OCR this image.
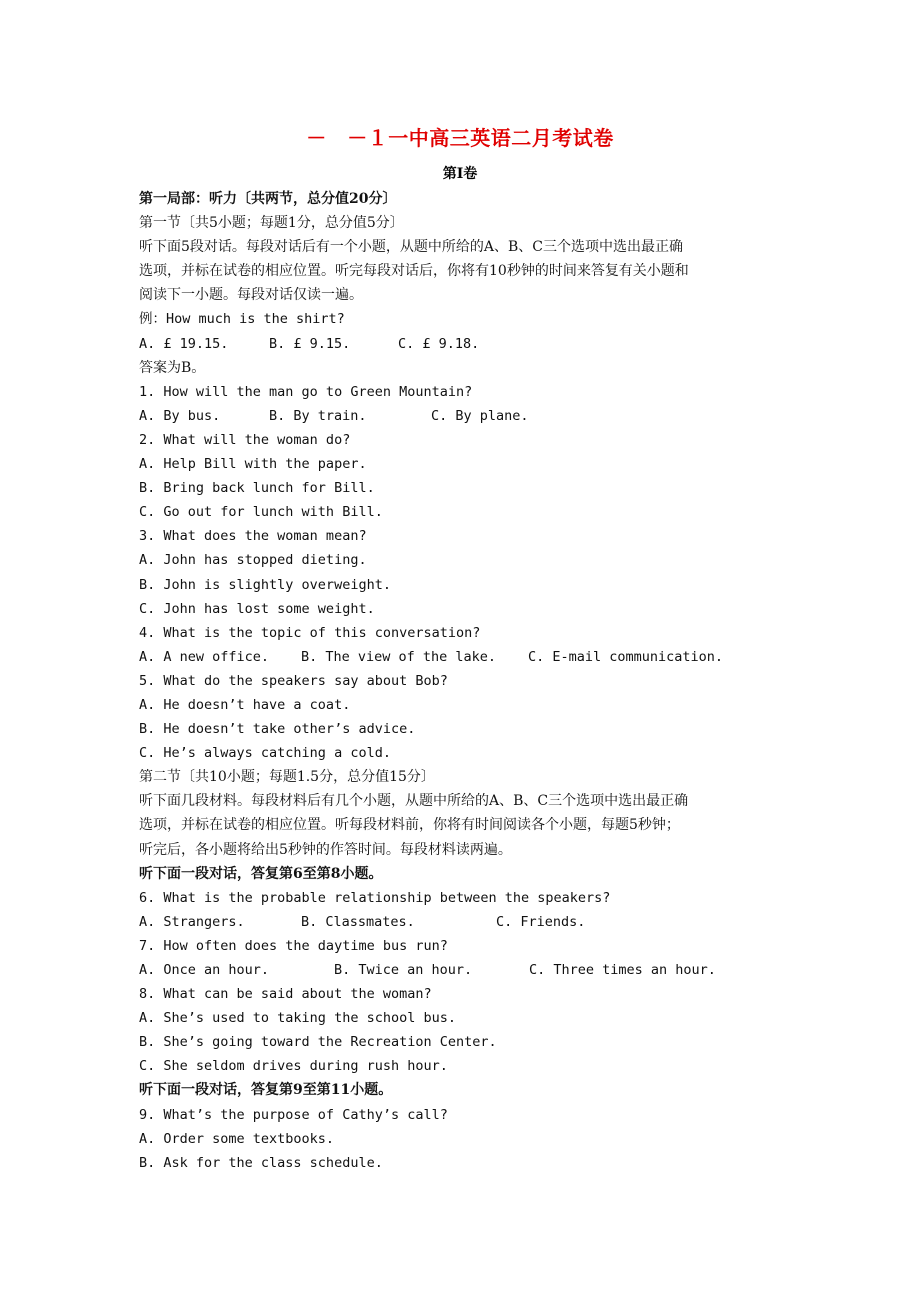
－　－１一中高三英语二月考试卷
第Ⅰ卷
第一局部：听力〔共两节，总分值20分〕
第一节〔共5小题；每题1分，总分值5分〕
听下面5段对话。每段对话后有一个小题，从题中所给的A、B、C三个选项中选出最正确
选项，并标在试卷的相应位置。听完每段对话后，你将有10秒钟的时间来答复有关小题和
阅读下一小题。每段对话仅读一遍。
例：How much is the shirt?
A. £ 19.15.	B. £ 9.15.	C. £ 9.18.
答案为B。
1. How will the man go to Green Mountain?
A. By bus.	B. By train.	C. By plane.
2. What will the woman do?
A. Help Bill with the paper.
B. Bring back lunch for Bill.
C. Go out for lunch with Bill.
3. What does the woman mean?
A. John has stopped dieting.
B. John is slightly overweight.
C. John has lost some weight.
4. What is the topic of this conversation?
A. A new office.	B. The view of the lake.	C. E-mail communication.
5. What do the speakers say about Bob?
A. He doesn’t have a coat.
B. He doesn’t take other’s advice.
C. He’s always catching a cold.
第二节〔共10小题；每题1.5分，总分值15分〕
听下面几段材料。每段材料后有几个小题，从题中所给的A、B、C三个选项中选出最正确
选项，并标在试卷的相应位置。听每段材料前，你将有时间阅读各个小题，每题5秒钟；
听完后，各小题将给出5秒钟的作答时间。每段材料读两遍。
听下面一段对话，答复第6至第8小题。
6. What is the probable relationship between the speakers?
A. Strangers.	B. Classmates.	C. Friends.
7. How often does the daytime bus run?
A. Once an hour.	B. Twice an hour.	C. Three times an hour.
8. What can be said about the woman?
A. She’s used to taking the school bus.
B. She’s going toward the Recreation Center.
C. She seldom drives during rush hour.
听下面一段对话，答复第9至第11小题。
9. What’s the purpose of Cathy’s call?
A. Order some textbooks.
B. Ask for the class schedule.
